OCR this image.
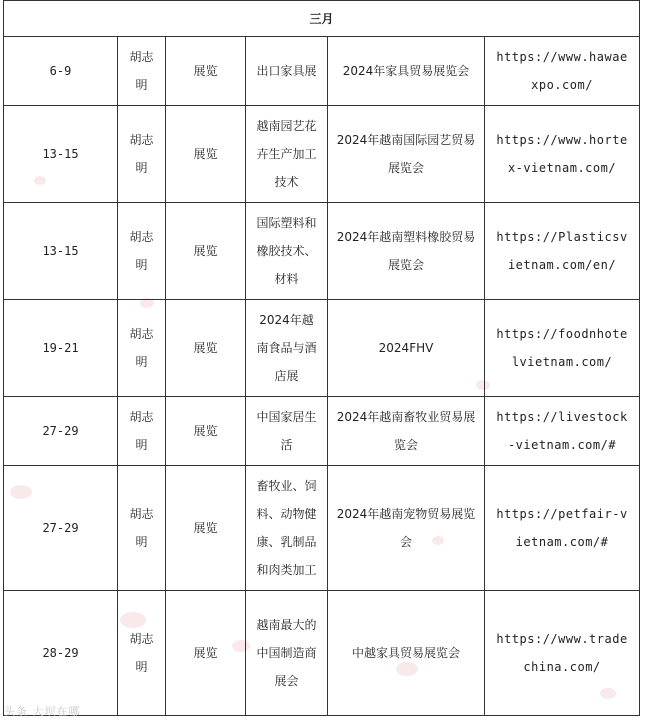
三月					
6-9	胡志明	展览	出口家具展	2024年家具贸易展览会	https://www.hawaexpo.com/
13-15	胡志明	展览	越南园艺花卉生产加工技术	2024年越南国际园艺贸易展览会	https://www.hortex-vietnam.com/
13-15	胡志明	展览	国际塑料和橡胶技术、材料	2024年越南塑料橡胶贸易展览会	https://Plasticsvietnam.com/en/
19-21	胡志明	展览	2024年越南食品与酒店展	2024FHV	https://foodnhotelvietnam.com/
27-29	胡志明	展览	中国家居生活	2024年越南畜牧业贸易展览会	https://livestock-vietnam.com/#
27-29	胡志明	展览	畜牧业、饲料、动物健康、乳制品和肉类加工	2024年越南宠物贸易展览会	https://petfair-vietnam.com/#
28-29	胡志明	展览	越南最大的中国制造商展会	中越家具贸易展览会	https://www.tradechina.com/
头条 大坝在哪
